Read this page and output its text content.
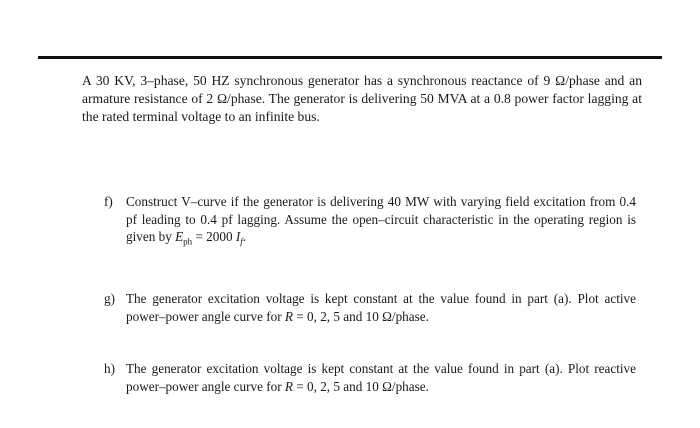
A 30 KV, 3–phase, 50 HZ synchronous generator has a synchronous reactance of 9 Ω/phase and an armature resistance of 2 Ω/phase. The generator is delivering 50 MVA at a 0.8 power factor lagging at the rated terminal voltage to an infinite bus.

f)	Construct V–curve if the generator is delivering 40 MW with varying field excitation from 0.4 pf leading to 0.4 pf lagging. Assume the open–circuit characteristic in the operating region is given by $E_{ph} = 2000$ $I_f$.
g) The generator excitation voltage is kept constant at the value found in part (a). Plot active power–power angle curve for R = 0, 2, 5 and 10 Ω/phase.
h) The generator excitation voltage is kept constant at the value found in part (a). Plot reactive power–power angle curve for R = 0, 2, 5 and 10 Ω/phase.
